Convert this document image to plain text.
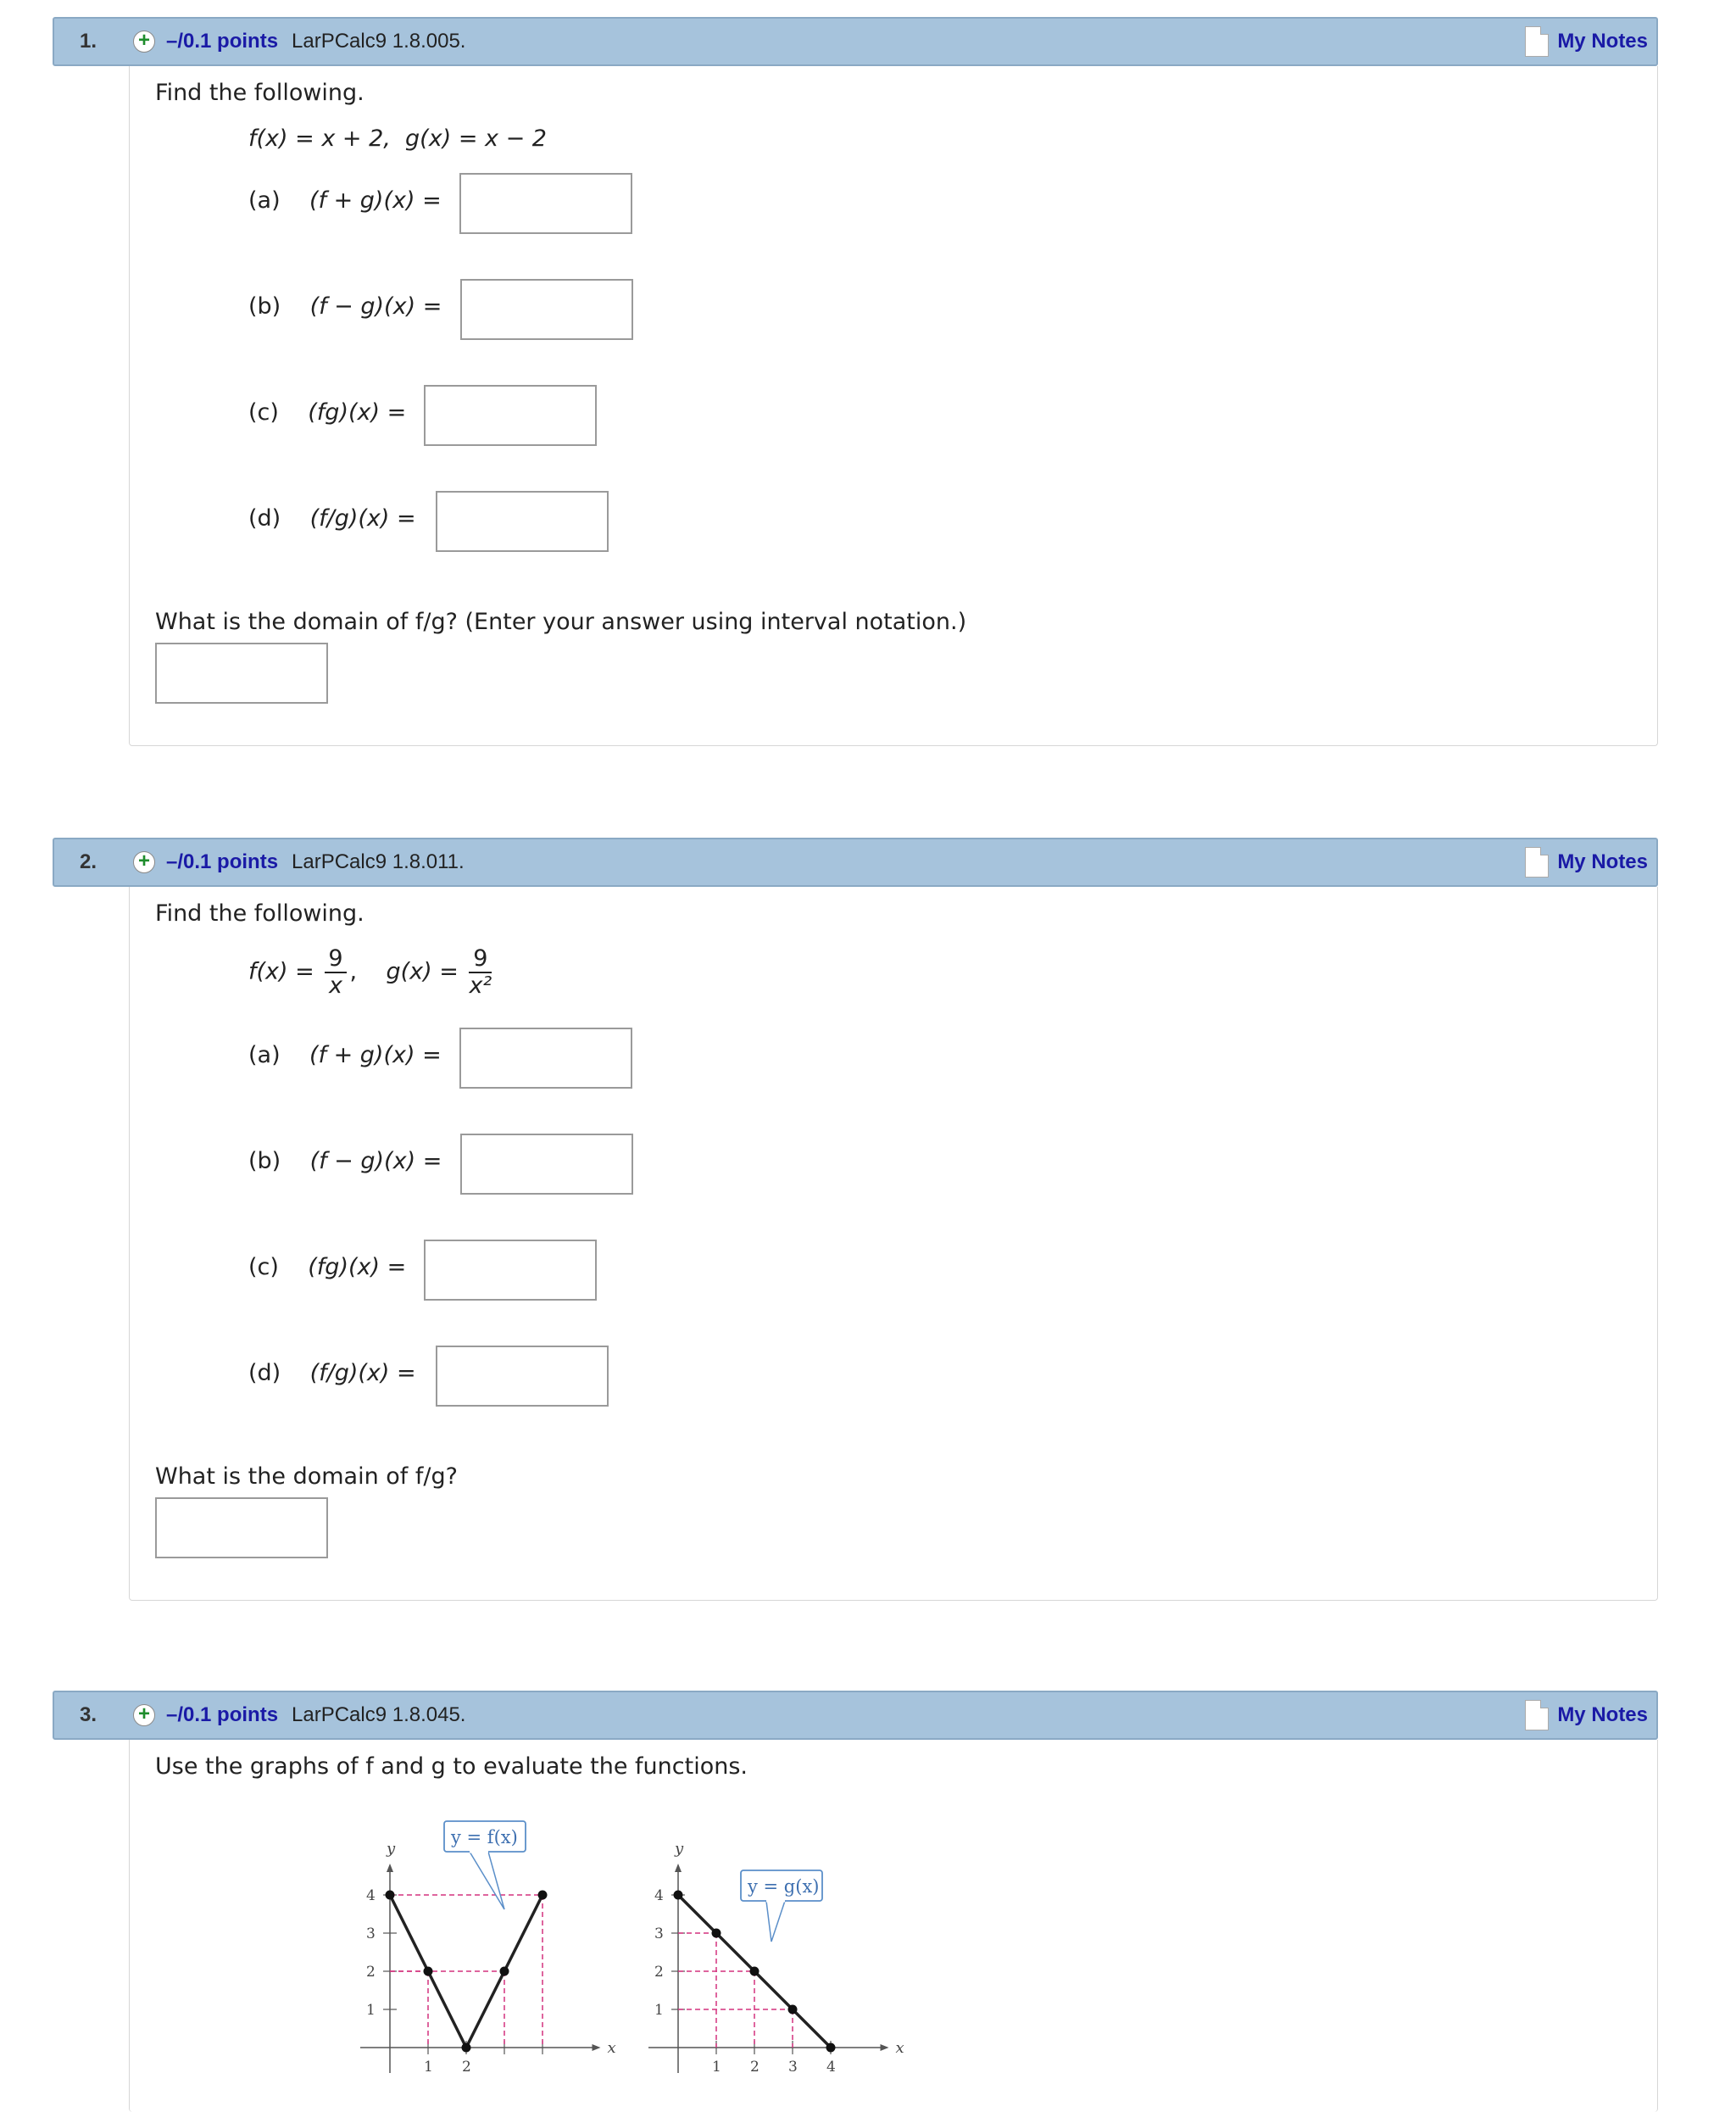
1. + –/0.1 points LarPCalc9 1.8.005.	My Notes
Find the following.
f(x) = x + 2, g(x) = x − 2
(a) (f + g)(x) =
(b) (f − g)(x) =
(c) (fg)(x) =
(d) (f/g)(x) =
What is the domain of f/g? (Enter your answer using interval notation.)
2. + –/0.1 points LarPCalc9 1.8.011.	My Notes
Find the following.
$f(x) = \frac{9}{x}$ ,    $g(x) = \frac{9}{\text{x²}}$
(a) (f + g)(x) =
(b) (f − g)(x) =
(c) (fg)(x) =
(d) (f/g)(x) =
What is the domain of f/g?
3. + –/0.1 points LarPCalc9 1.8.045.	My Notes
Use the graphs of f and g to evaluate the functions.
x
y
1
2
3
4
1 2
y = f(x)
x
y
1
2
3
4
1 2 3 4
y = g(x)
